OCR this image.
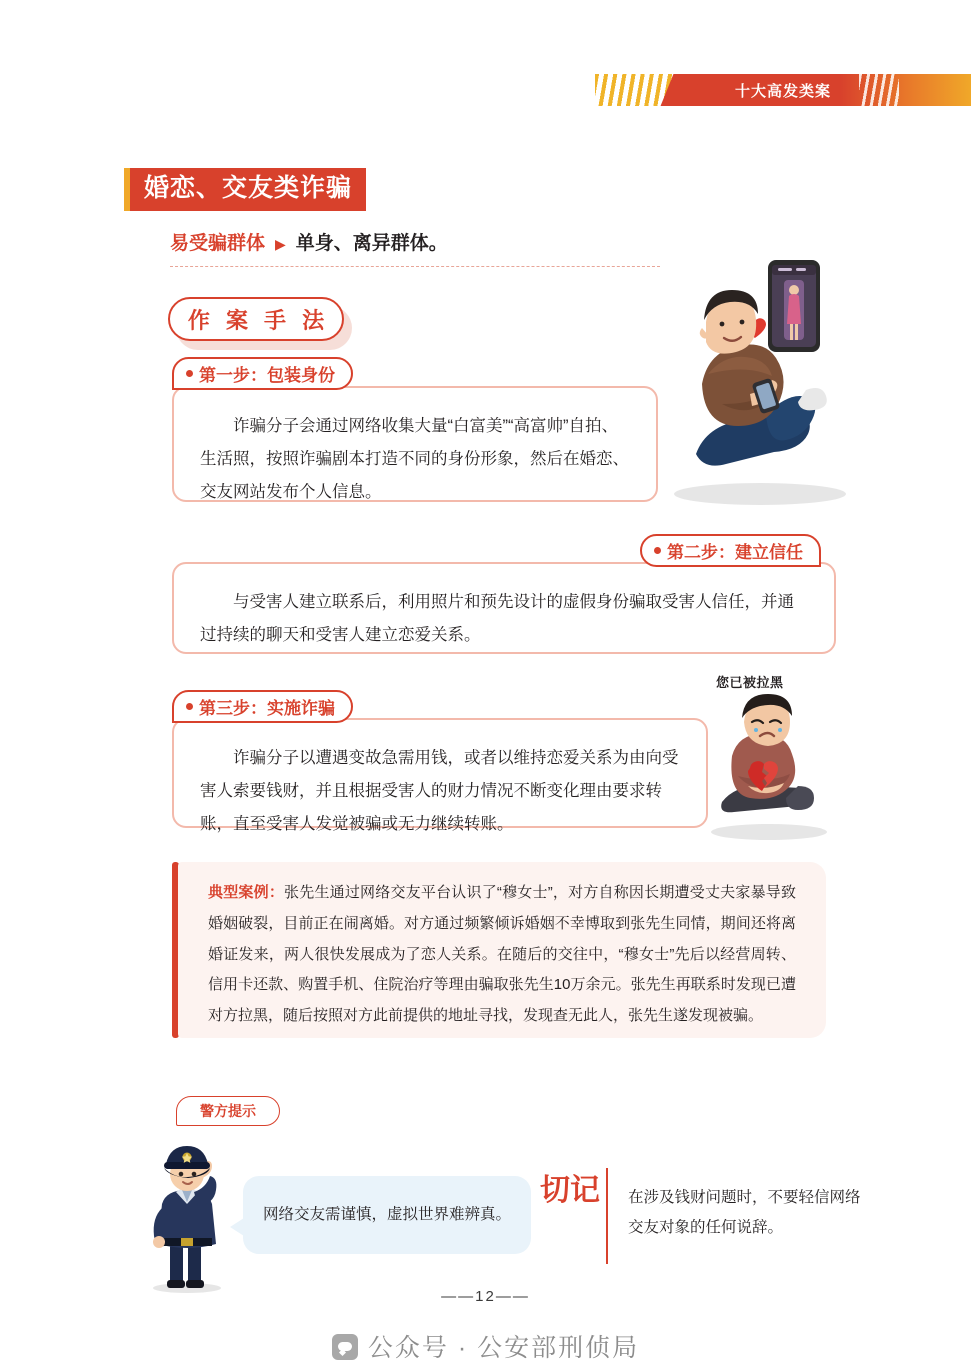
十大高发类案
婚恋、交友类诈骗
易受骗群体 ▶ 单身、离异群体。
作 案 手 法
第一步：包装身份
诈骗分子会通过网络收集大量“白富美”“高富帅”自拍、生活照，按照诈骗剧本打造不同的身份形象，然后在婚恋、交友网站发布个人信息。
第二步：建立信任
与受害人建立联系后，利用照片和预先设计的虚假身份骗取受害人信任，并通过持续的聊天和受害人建立恋爱关系。
您已被拉黑
第三步：实施诈骗
诈骗分子以遭遇变故急需用钱，或者以维持恋爱关系为由向受害人索要钱财，并且根据受害人的财力情况不断变化理由要求转账，直至受害人发觉被骗或无力继续转账。
典型案例：张先生通过网络交友平台认识了“穆女士”，对方自称因长期遭受丈夫家暴导致婚姻破裂，目前正在闹离婚。对方通过频繁倾诉婚姻不幸博取到张先生同情，期间还将离婚证发来，两人很快发展成为了恋人关系。在随后的交往中，“穆女士”先后以经营周转、信用卡还款、购置手机、住院治疗等理由骗取张先生10万余元。张先生再联系时发现已遭对方拉黑，随后按照对方此前提供的地址寻找，发现查无此人，张先生遂发现被骗。
警方提示

网络交友需谨慎，虚拟世界难辨真。

切记 在涉及钱财问题时，不要轻信网络交友对象的任何说辞。
——12——
公众号 · 公安部刑侦局
